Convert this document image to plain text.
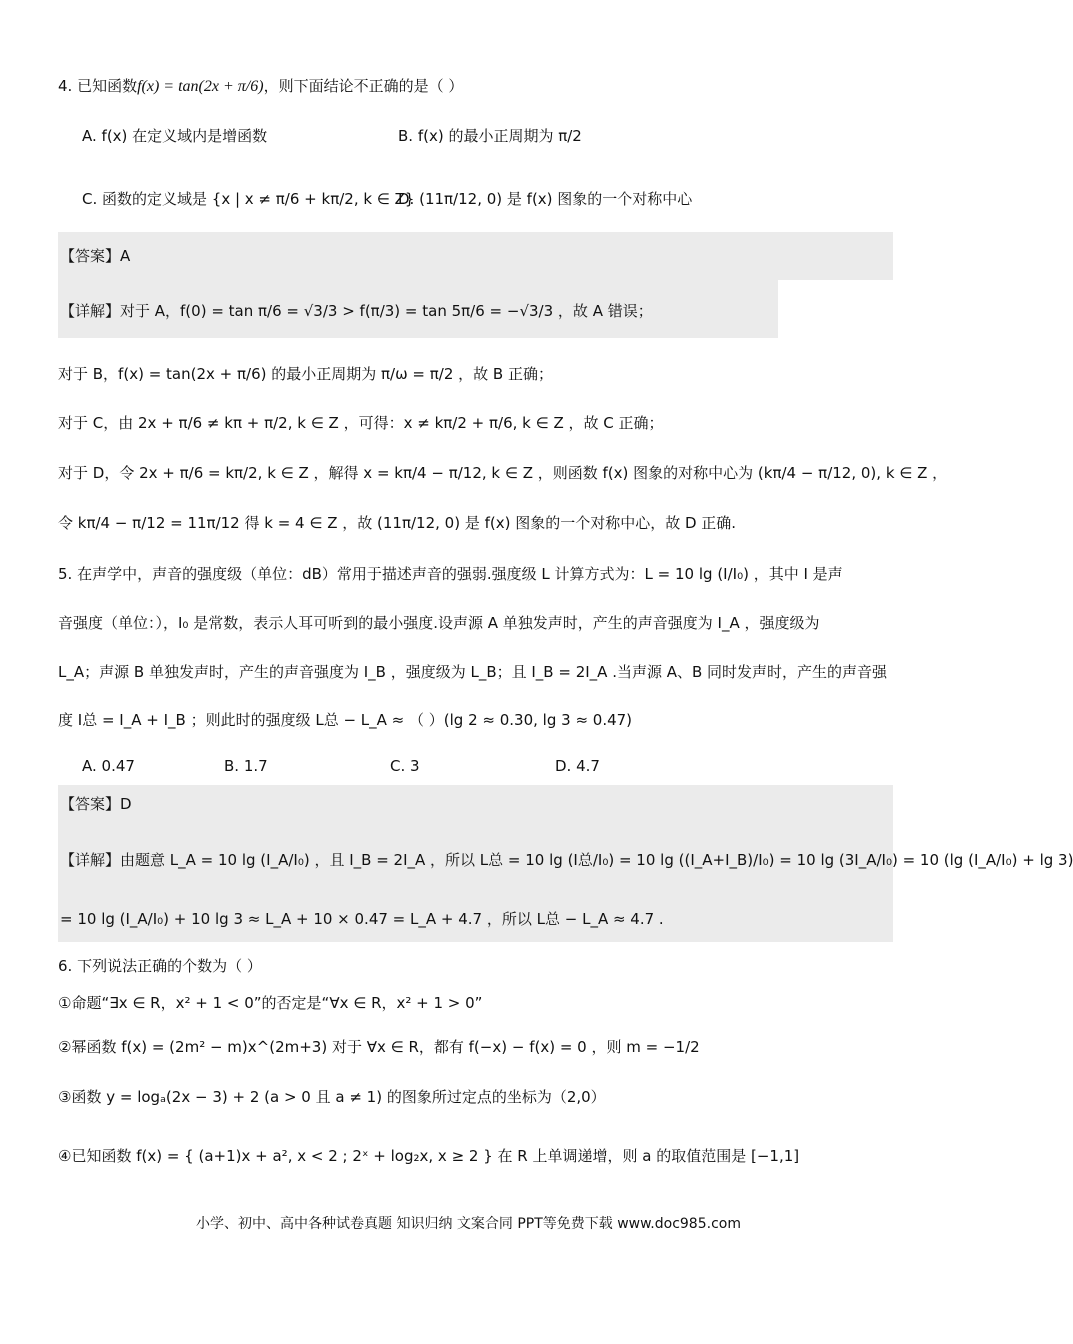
4. 已知函数f(x) = tan(2x + π/6)，则下面结论不正确的是（ ）
A. f(x) 在定义域内是增函数	B. f(x) 的最小正周期为 π/2
C. 函数的定义域是 {x | x ≠ π/6 + kπ/2, k ∈ Z}
D. (11π/12, 0) 是 f(x) 图象的一个对称中心
【答案】A
【详解】对于 A，f(0) = tan π/6 = √3/3 > f(π/3) = tan 5π/6 = −√3/3 ，故 A 错误；
对于 B，f(x) = tan(2x + π/6) 的最小正周期为 π/ω = π/2 ，故 B 正确；
对于 C，由 2x + π/6 ≠ kπ + π/2, k ∈ Z ，可得：x ≠ kπ/2 + π/6, k ∈ Z ，故 C 正确；
对于 D，令 2x + π/6 = kπ/2, k ∈ Z ，解得 x = kπ/4 − π/12, k ∈ Z ，则函数 f(x) 图象的对称中心为 (kπ/4 − π/12, 0), k ∈ Z ，
令 kπ/4 − π/12 = 11π/12 得 k = 4 ∈ Z ，故 (11π/12, 0) 是 f(x) 图象的一个对称中心，故 D 正确.
5. 在声学中，声音的强度级（单位：dB）常用于描述声音的强弱.强度级 L 计算方式为：L = 10 lg (I/I₀) ，其中 I 是声
音强度（单位：），I₀ 是常数，表示人耳可听到的最小强度.设声源 A 单独发声时，产生的声音强度为 I_A ，强度级为
L_A；声源 B 单独发声时，产生的声音强度为 I_B ，强度级为 L_B；且 I_B = 2I_A .当声源 A、B 同时发声时，产生的声音强
度 I总 = I_A + I_B ；则此时的强度级 L总 − L_A ≈ （ ）(lg 2 ≈ 0.30, lg 3 ≈ 0.47)
A. 0.47	B. 1.7	C. 3	D. 4.7
【答案】D
【详解】由题意 L_A = 10 lg (I_A/I₀) ，且 I_B = 2I_A ，所以 L总 = 10 lg (I总/I₀) = 10 lg ((I_A+I_B)/I₀) = 10 lg (3I_A/I₀) = 10 (lg (I_A/I₀) + lg 3)
= 10 lg (I_A/I₀) + 10 lg 3 ≈ L_A + 10 × 0.47 = L_A + 4.7 ，所以 L总 − L_A ≈ 4.7 .
6. 下列说法正确的个数为（ ）
①命题“∃x ∈ R，x² + 1 < 0”的否定是“∀x ∈ R，x² + 1 > 0”
②幂函数 f(x) = (2m² − m)x^(2m+3) 对于 ∀x ∈ R，都有 f(−x) − f(x) = 0 ，则 m = −1/2
③函数 y = logₐ(2x − 3) + 2 (a > 0 且 a ≠ 1) 的图象所过定点的坐标为（2,0）
④已知函数 f(x) = { (a+1)x + a², x < 2 ; 2ˣ + log₂x, x ≥ 2 } 在 R 上单调递增，则 a 的取值范围是 [−1,1]
小学、初中、高中各种试卷真题 知识归纳 文案合同 PPT等免费下载 www.doc985.com
